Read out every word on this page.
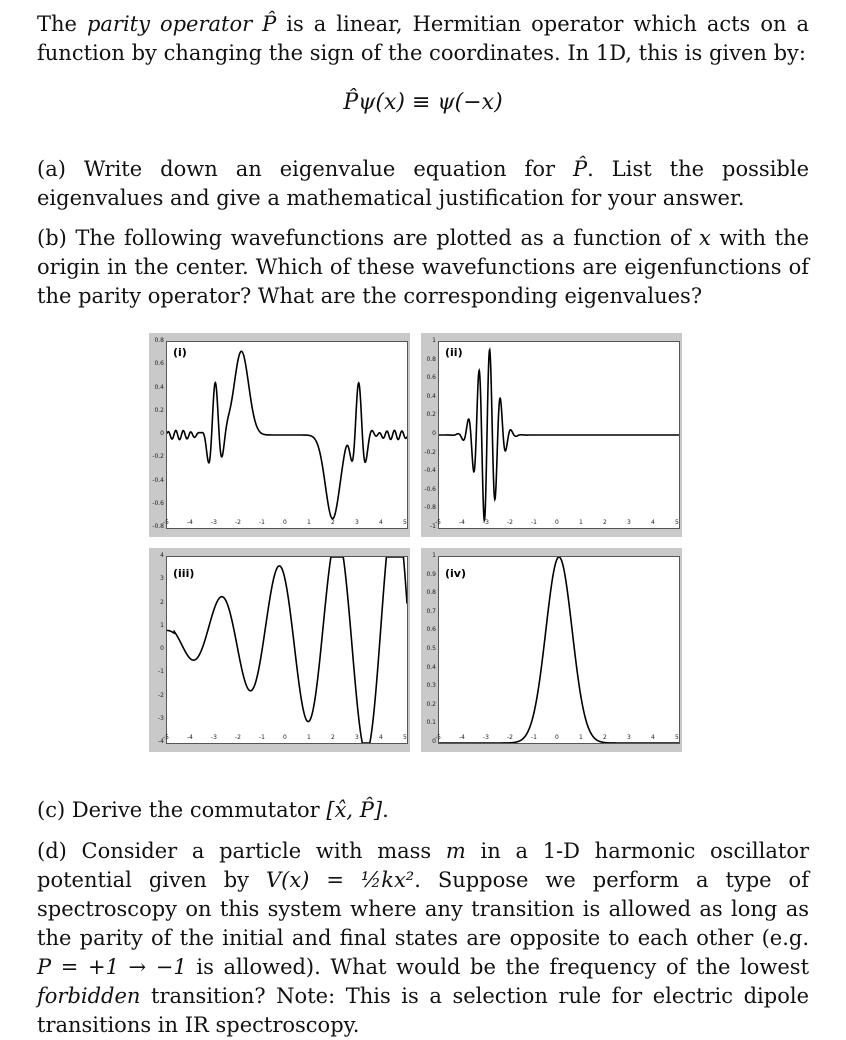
The parity operator P̂ is a linear, Hermitian operator which acts on a function by changing the sign of the coordinates. In 1D, this is given by:

P̂ψ(x) ≡ ψ(−x)

(a) Write down an eigenvalue equation for P̂. List the possible eigenvalues and give a mathematical justification for your answer.

(b) The following wavefunctions are plotted as a function of x with the origin in the center. Which of these wavefunctions are eigenfunctions of the parity operator? What are the corresponding eigenvalues?

(i)
0.8
0.6
0.4
0.2
0
-0.2
-0.4
-0.6
-0.8
-5	-4	-3	-2	-1	0	1	2	3	4	5
(ii)
1
0.8
0.6
0.4
0.2
0
-0.2
-0.4
-0.6
-0.8
-1
-5	-4	-3	-2	-1	0	1	2	3	4	5
(iii)
4
3
2
1
0
-1
-2
-3
-4
-5	-4	-3	-2	-1	0	1	2	3	4	5
(iv)
1
0.9
0.8
0.7
0.6
0.5
0.4
0.3
0.2
0.1
0
-5	-4	-3	-2	-1	0	1	2	3	4	5

(c) Derive the commutator [x̂, P̂].

(d) Consider a particle with mass m in a 1-D harmonic oscillator potential given by V(x) = ½kx². Suppose we perform a type of spectroscopy on this system where any transition is allowed as long as the parity of the initial and final states are opposite to each other (e.g. P = +1 → −1 is allowed). What would be the frequency of the lowest forbidden transition? Note: This is a selection rule for electric dipole transitions in IR spectroscopy.
